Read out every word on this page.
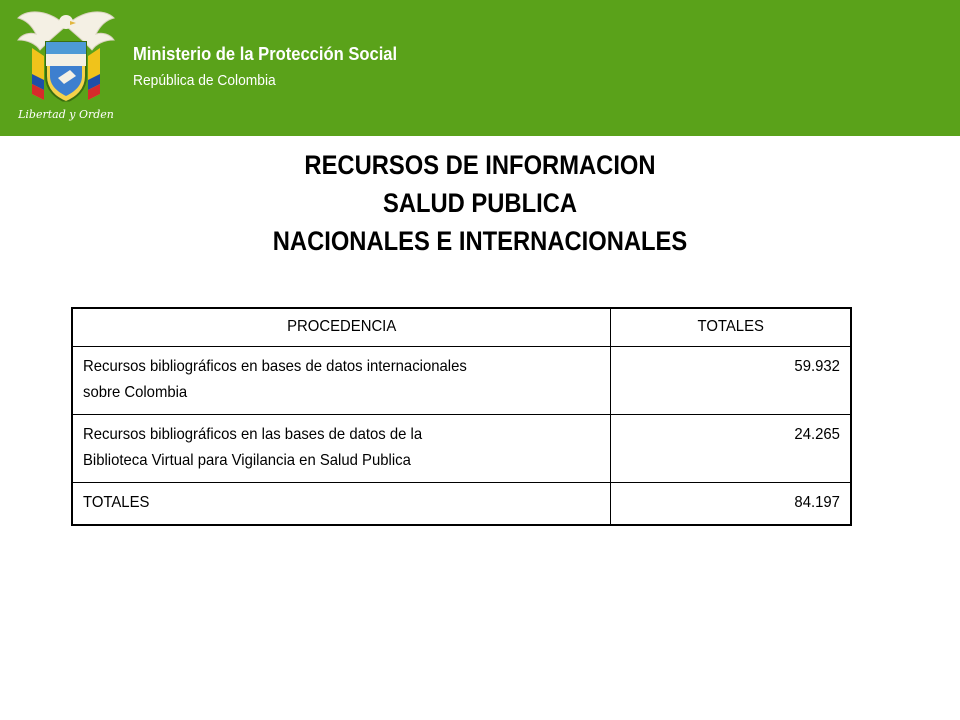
Libertad y Orden
Ministerio de la Protección Social
República de Colombia
RECURSOS DE INFORMACION
SALUD PUBLICA
NACIONALES E INTERNACIONALES
PROCEDENCIA	TOTALES
Recursos bibliográficos en bases de datos internacionales
sobre Colombia	59.932
Recursos bibliográficos en las bases de datos de la
Biblioteca Virtual para Vigilancia en Salud Publica	24.265
TOTALES	84.197
